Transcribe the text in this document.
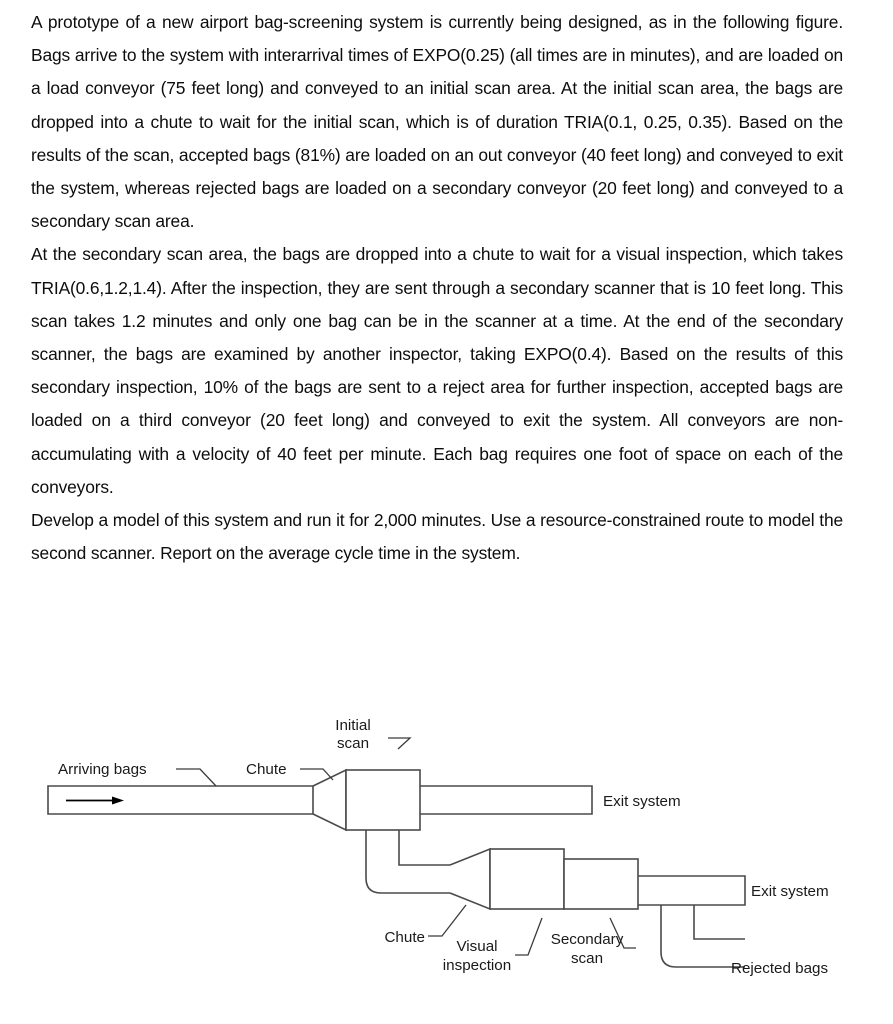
A prototype of a new airport bag-screening system is currently being designed, as in the following figure. Bags arrive to the system with interarrival times of EXPO(0.25) (all times are in minutes), and are loaded on a load conveyor (75 feet long) and conveyed to an initial scan area. At the initial scan area, the bags are dropped into a chute to wait for the initial scan, which is of duration TRIA(0.1, 0.25, 0.35). Based on the results of the scan, accepted bags (81%) are loaded on an out conveyor (40 feet long) and conveyed to exit the system, whereas rejected bags are loaded on a secondary conveyor (20 feet long) and conveyed to a secondary scan area.

At the secondary scan area, the bags are dropped into a chute to wait for a visual inspection, which takes TRIA(0.6,1.2,1.4). After the inspection, they are sent through a secondary scanner that is 10 feet long. This scan takes 1.2 minutes and only one bag can be in the scanner at a time. At the end of the secondary scanner, the bags are examined by another inspector, taking EXPO(0.4). Based on the results of this secondary inspection, 10% of the bags are sent to a reject area for further inspection, accepted bags are loaded on a third conveyor (20 feet long) and conveyed to exit the system. All conveyors are non-accumulating with a velocity of 40 feet per minute. Each bag requires one foot of space on each of the conveyors.

Develop a model of this system and run it for 2,000 minutes. Use a resource-constrained route to model the second scanner. Report on the average cycle time in the system.

Arriving bags	Chute
Initial
scan
Exit system
Chute
Visual
inspection
Secondary
scan
Exit system
Rejected bags
